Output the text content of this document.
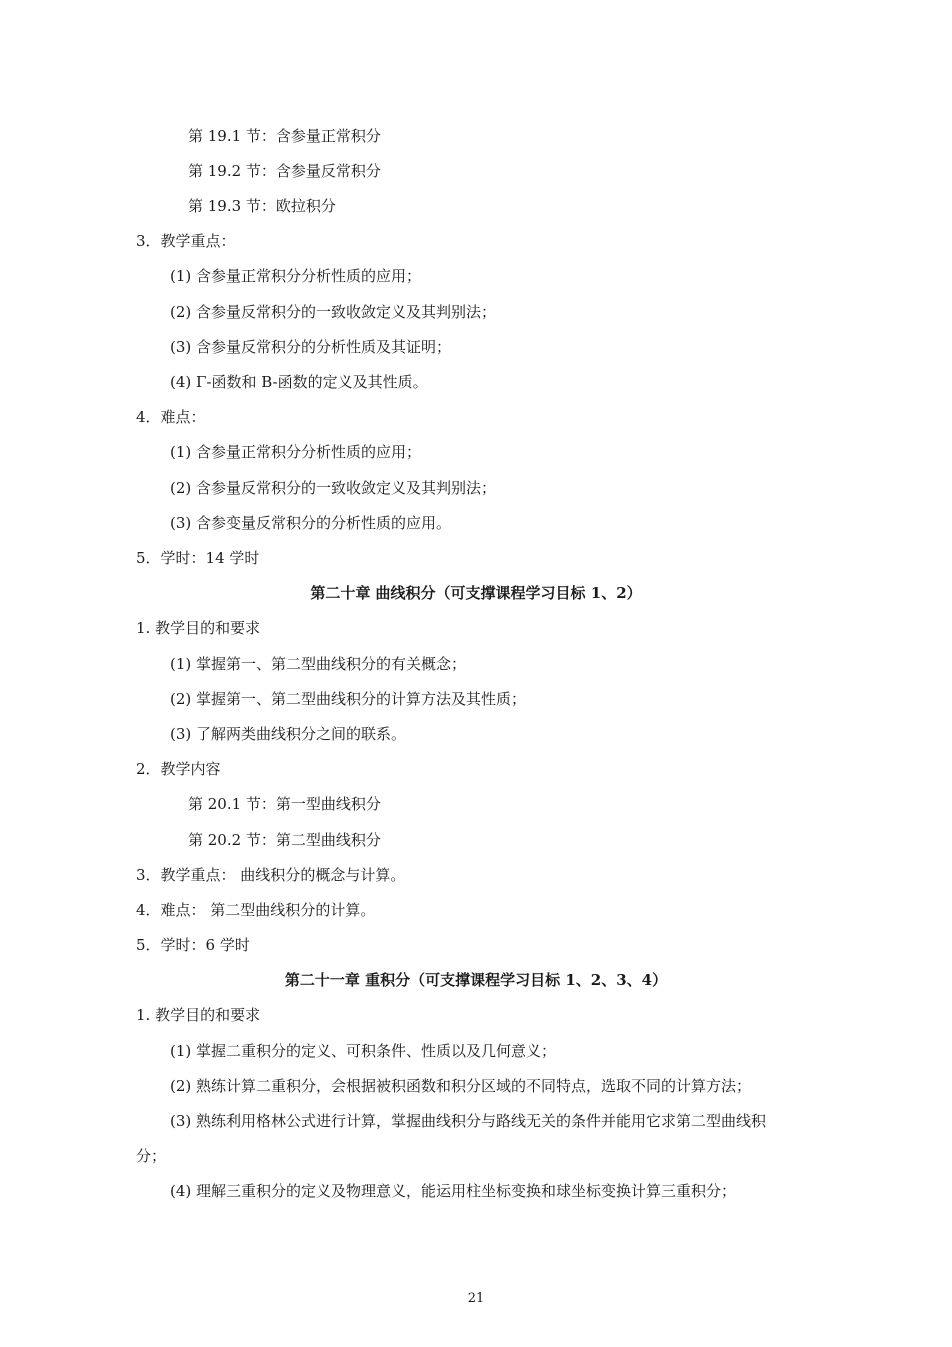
第 19.1 节：含参量正常积分
第 19.2 节：含参量反常积分
第 19.3 节：欧拉积分
3．教学重点：
(1) 含参量正常积分分析性质的应用；
(2) 含参量反常积分的一致收敛定义及其判别法；
(3) 含参量反常积分的分析性质及其证明；
(4) Γ-函数和 B-函数的定义及其性质。
4．难点：
(1) 含参量正常积分分析性质的应用；
(2) 含参量反常积分的一致收敛定义及其判别法；
(3) 含参变量反常积分的分析性质的应用。
5．学时：14 学时
第二十章 曲线积分（可支撑课程学习目标 1、2）
1. 教学目的和要求
(1) 掌握第一、第二型曲线积分的有关概念；
(2) 掌握第一、第二型曲线积分的计算方法及其性质；
(3) 了解两类曲线积分之间的联系。
2．教学内容
第 20.1 节：第一型曲线积分
第 20.2 节：第二型曲线积分
3．教学重点： 曲线积分的概念与计算。
4．难点： 第二型曲线积分的计算。
5．学时：6 学时
第二十一章 重积分（可支撑课程学习目标 1、2、3、4）
1. 教学目的和要求
(1) 掌握二重积分的定义、可积条件、性质以及几何意义；
(2) 熟练计算二重积分，会根据被积函数和积分区域的不同特点，选取不同的计算方法；
(3) 熟练利用格林公式进行计算，掌握曲线积分与路线无关的条件并能用它求第二型曲线积
分；
(4) 理解三重积分的定义及物理意义，能运用柱坐标变换和球坐标变换计算三重积分；
21
